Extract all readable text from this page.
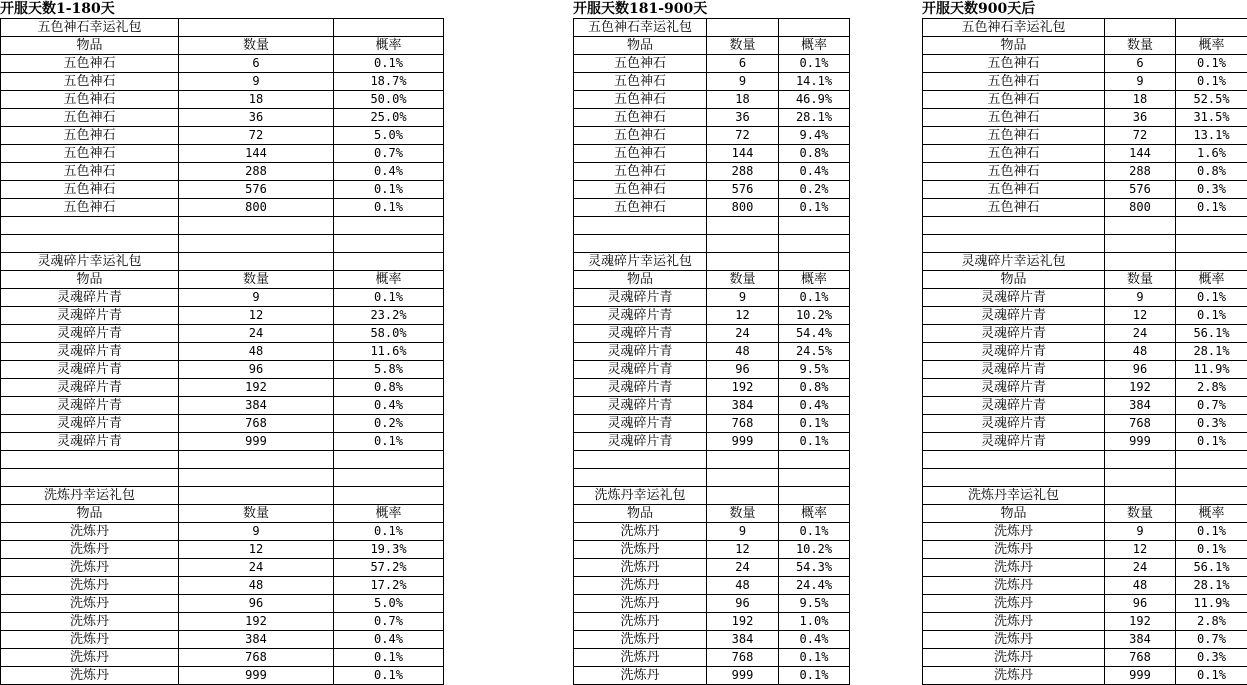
开服天数1-180天
五色神石幸运礼包		
物品	数量	概率
五色神石	6	0.1%
五色神石	9	18.7%
五色神石	18	50.0%
五色神石	36	25.0%
五色神石	72	5.0%
五色神石	144	0.7%
五色神石	288	0.4%
五色神石	576	0.1%
五色神石	800	0.1%

灵魂碎片幸运礼包		
物品	数量	概率
灵魂碎片青	9	0.1%
灵魂碎片青	12	23.2%
灵魂碎片青	24	58.0%
灵魂碎片青	48	11.6%
灵魂碎片青	96	5.8%
灵魂碎片青	192	0.8%
灵魂碎片青	384	0.4%
灵魂碎片青	768	0.2%
灵魂碎片青	999	0.1%

洗炼丹幸运礼包		
物品	数量	概率
洗炼丹	9	0.1%
洗炼丹	12	19.3%
洗炼丹	24	57.2%
洗炼丹	48	17.2%
洗炼丹	96	5.0%
洗炼丹	192	0.7%
洗炼丹	384	0.4%
洗炼丹	768	0.1%
洗炼丹	999	0.1%
开服天数181-900天
五色神石幸运礼包		
物品	数量	概率
五色神石	6	0.1%
五色神石	9	14.1%
五色神石	18	46.9%
五色神石	36	28.1%
五色神石	72	9.4%
五色神石	144	0.8%
五色神石	288	0.4%
五色神石	576	0.2%
五色神石	800	0.1%

灵魂碎片幸运礼包		
物品	数量	概率
灵魂碎片青	9	0.1%
灵魂碎片青	12	10.2%
灵魂碎片青	24	54.4%
灵魂碎片青	48	24.5%
灵魂碎片青	96	9.5%
灵魂碎片青	192	0.8%
灵魂碎片青	384	0.4%
灵魂碎片青	768	0.1%
灵魂碎片青	999	0.1%

洗炼丹幸运礼包		
物品	数量	概率
洗炼丹	9	0.1%
洗炼丹	12	10.2%
洗炼丹	24	54.3%
洗炼丹	48	24.4%
洗炼丹	96	9.5%
洗炼丹	192	1.0%
洗炼丹	384	0.4%
洗炼丹	768	0.1%
洗炼丹	999	0.1%
开服天数900天后
五色神石幸运礼包		
物品	数量	概率
五色神石	6	0.1%
五色神石	9	0.1%
五色神石	18	52.5%
五色神石	36	31.5%
五色神石	72	13.1%
五色神石	144	1.6%
五色神石	288	0.8%
五色神石	576	0.3%
五色神石	800	0.1%

灵魂碎片幸运礼包		
物品	数量	概率
灵魂碎片青	9	0.1%
灵魂碎片青	12	0.1%
灵魂碎片青	24	56.1%
灵魂碎片青	48	28.1%
灵魂碎片青	96	11.9%
灵魂碎片青	192	2.8%
灵魂碎片青	384	0.7%
灵魂碎片青	768	0.3%
灵魂碎片青	999	0.1%

洗炼丹幸运礼包		
物品	数量	概率
洗炼丹	9	0.1%
洗炼丹	12	0.1%
洗炼丹	24	56.1%
洗炼丹	48	28.1%
洗炼丹	96	11.9%
洗炼丹	192	2.8%
洗炼丹	384	0.7%
洗炼丹	768	0.3%
洗炼丹	999	0.1%
